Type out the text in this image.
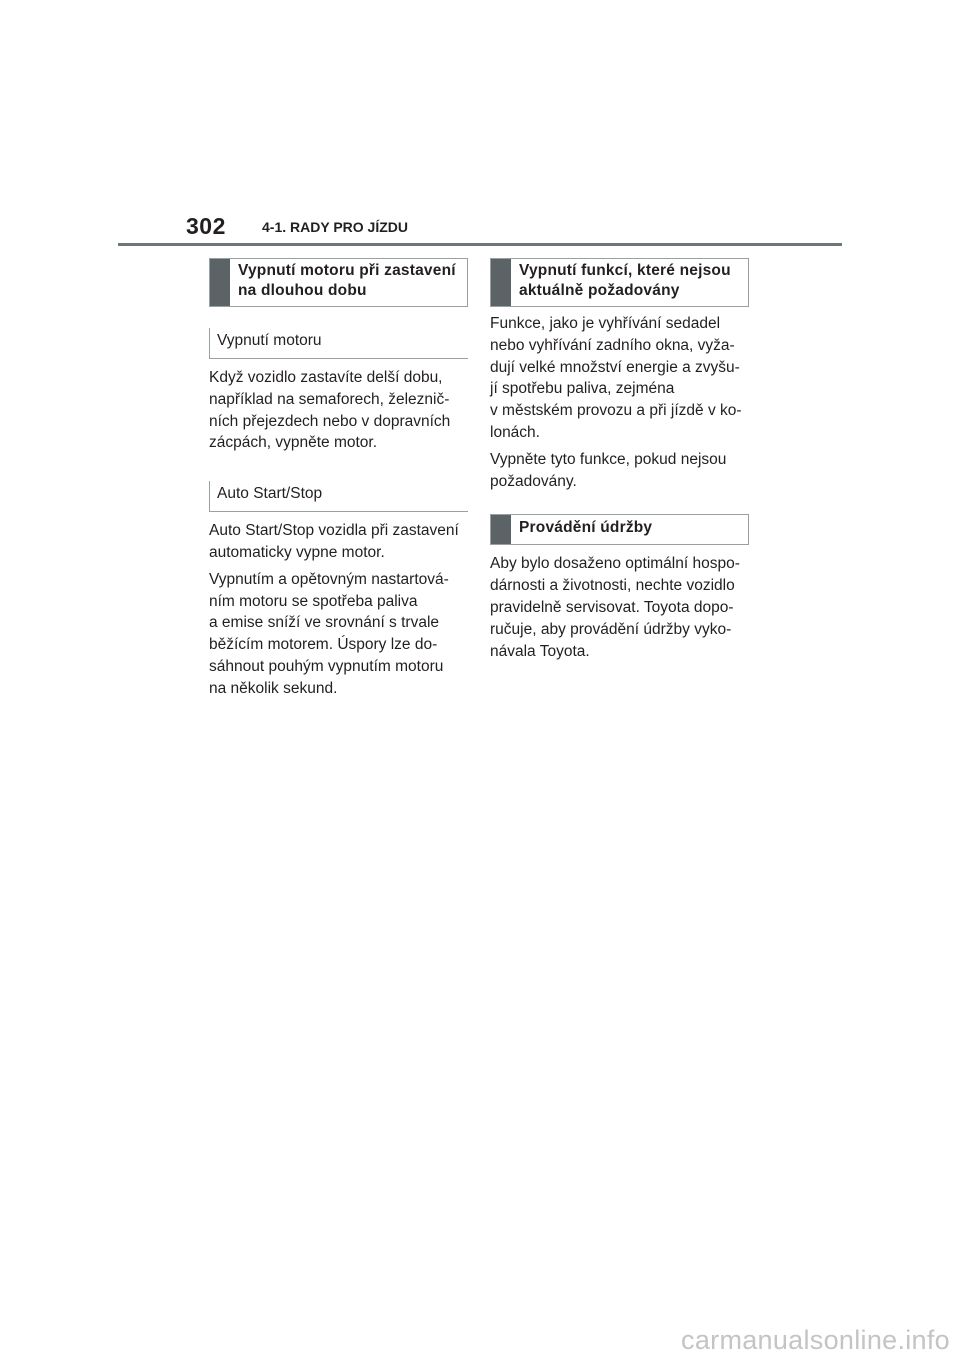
302	4-1. RADY PRO JÍZDU
Vypnutí motoru při zastavení
na dlouhou dobu
Vypnutí motoru

Když vozidlo zastavíte delší dobu,
například na semaforech, železnič-
ních přejezdech nebo v dopravních
zácpách, vypněte motor.

Auto Start/Stop

Auto Start/Stop vozidla při zastavení
automaticky vypne motor.

Vypnutím a opětovným nastartová-
ním motoru se spotřeba paliva
a emise sníží ve srovnání s trvale
běžícím motorem. Úspory lze do-
sáhnout pouhým vypnutím motoru
na několik sekund.

Vypnutí funkcí, které nejsou
aktuálně požadovány

Funkce, jako je vyhřívání sedadel
nebo vyhřívání zadního okna, vyža-
dují velké množství energie a zvyšu-
jí spotřebu paliva, zejména
v městském provozu a při jízdě v ko-
lonách.

Vypněte tyto funkce, pokud nejsou
požadovány.

Provádění údržby

Aby bylo dosaženo optimální hospo-
dárnosti a životnosti, nechte vozidlo
pravidelně servisovat. Toyota dopo-
ručuje, aby provádění údržby vyko-
návala Toyota.

carmanualsonline.info
